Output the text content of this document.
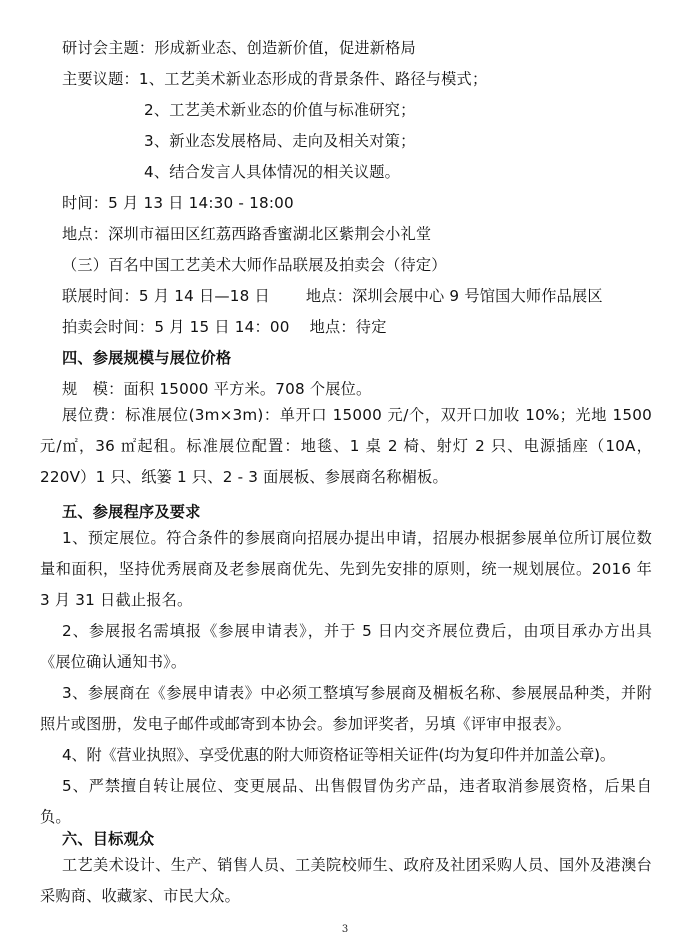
研讨会主题：形成新业态、创造新价值，促进新格局
主要议题：1、工艺美术新业态形成的背景条件、路径与模式；
2、工艺美术新业态的价值与标准研究；
3、新业态发展格局、走向及相关对策；
4、结合发言人具体情况的相关议题。
时间：5 月 13 日 14:30 - 18:00
地点：深圳市福田区红荔西路香蜜湖北区紫荆会小礼堂
（三）百名中国工艺美术大师作品联展及拍卖会（待定）
联展时间：5 月 14 日—18 日 地点：深圳会展中心 9 号馆国大师作品展区
拍卖会时间：5 月 15 日 14：00 地点：待定
四、参展规模与展位价格
规　模：面积 15000 平方米。708 个展位。
展位费：标准展位(3m×3m)：单开口 15000 元/个，双开口加收 10%；光地 1500 元/㎡，36 ㎡起租。标准展位配置：地毯、1 桌 2 椅、射灯 2 只、电源插座（10A，220V）1 只、纸篓 1 只、2 - 3 面展板、参展商名称楣板。
五、参展程序及要求
1、预定展位。符合条件的参展商向招展办提出申请，招展办根据参展单位所订展位数量和面积，坚持优秀展商及老参展商优先、先到先安排的原则，统一规划展位。2016 年 3 月 31 日截止报名。
2、参展报名需填报《参展申请表》，并于 5 日内交齐展位费后，由项目承办方出具《展位确认通知书》。
3、参展商在《参展申请表》中必须工整填写参展商及楣板名称、参展展品种类，并附照片或图册，发电子邮件或邮寄到本协会。参加评奖者，另填《评审申报表》。
4、附《营业执照》、享受优惠的附大师资格证等相关证件(均为复印件并加盖公章)。
5、严禁擅自转让展位、变更展品、出售假冒伪劣产品，违者取消参展资格，后果自负。
六、目标观众
工艺美术设计、生产、销售人员、工美院校师生、政府及社团采购人员、国外及港澳台采购商、收藏家、市民大众。
3
